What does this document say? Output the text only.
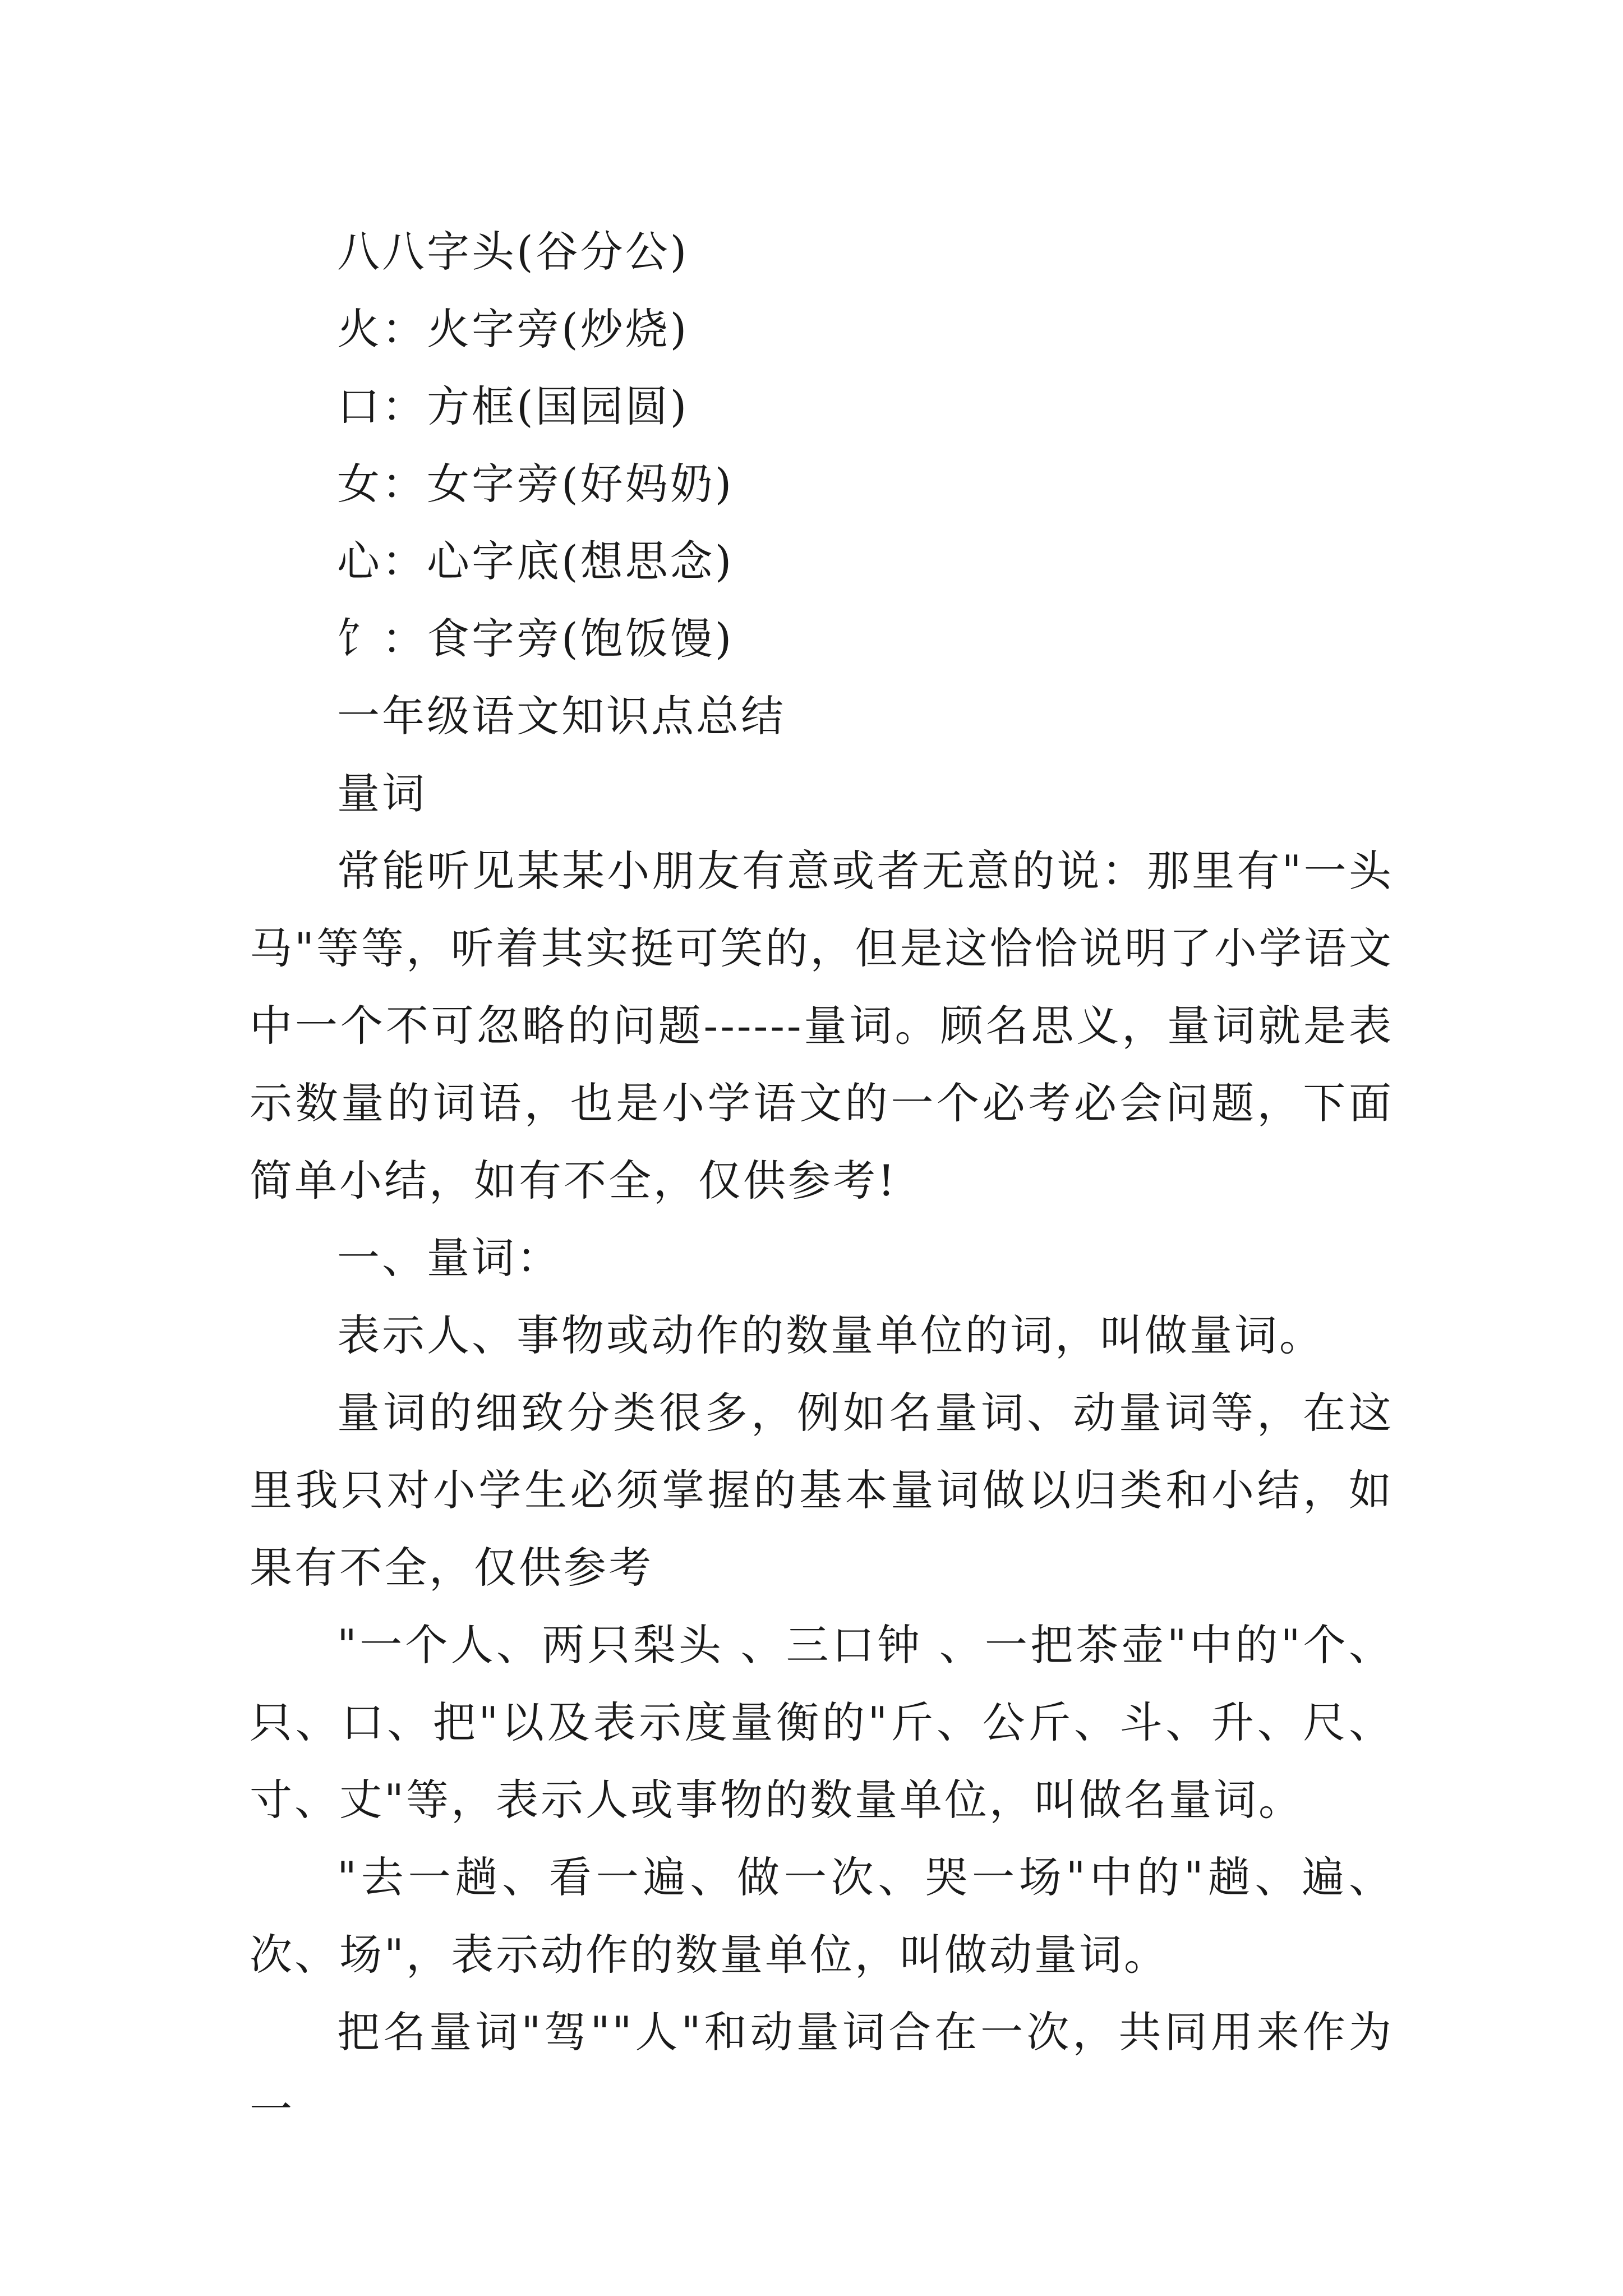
八八字头(谷分公)

火：火字旁(炒烧)

口：方框(国园圆)

女：女字旁(好妈奶)

心：心字底(想思念)

饣：食字旁(饱饭馒)

一年级语文知识点总结

量词

常能听见某某小朋友有意或者无意的说：那里有"一头马"等等，听着其实挺可笑的，但是这恰恰说明了小学语文中一个不可忽略的问题------量词。顾名思义，量词就是表示数量的词语，也是小学语文的一个必考必会问题，下面简单小结，如有不全，仅供参考!

一、量词：

表示人、事物或动作的数量单位的词，叫做量词。

量词的细致分类很多，例如名量词、动量词等，在这里我只对小学生必须掌握的基本量词做以归类和小结，如果有不全，仅供参考

"一个人、两只梨头 、三口钟 、一把茶壶"中的"个、只、口、把"以及表示度量衡的"斤、公斤、斗、升、尺、寸、丈"等，表示人或事物的数量单位，叫做名量词。

"去一趟、看一遍、做一次、哭一场"中的"趟、遍、次、场"，表示动作的数量单位，叫做动量词。

把名量词"驾""人"和动量词合在一次，共同用来作为一
